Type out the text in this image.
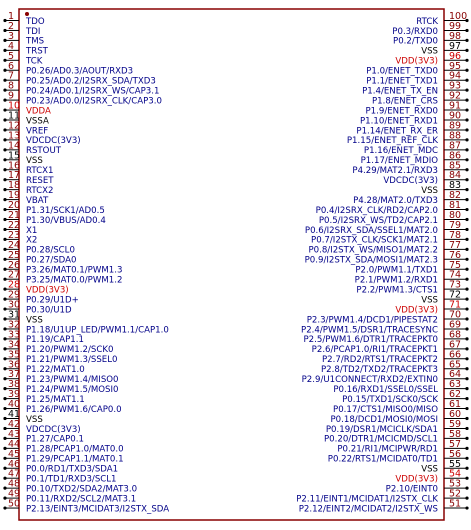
1 TDO
2 TDI
3 TMS
4 TRST
5 TCK
6 P0.26/AD0.3/AOUT/RXD3
7 P0.25/AD0.2/I2SRX_SDA/TXD3
8 P0.24/AD0.1/I2SRX_WS/CAP3.1
9 P0.23/AD0.0/I2SRX_CLK/CAP3.0
10 VDDA
11 VSSA
12 VREF
13 VDCDC(3V3)
14 RSTOUT
15 VSS
16 RTCX1
17 RESET
18 RTCX2
19 VBAT
20 P1.31/SCK1/AD0.5
21 P1.30/VBUS/AD0.4
22 X1
23 X2
24 P0.28/SCL0
25 P0.27/SDA0
26 P3.26/MAT0.1/PWM1.3
27 P3.25/MAT0.0/PWM1.2
28 VDD(3V3)
29 P0.29/U1D+
30 P0.30/U1D
31 VSS
32 P1.18/U1UP_LED/PWM1.1/CAP1.0
33 P1.19/CAP1.1
34 P1.20/PWM1.2/SCK0
35 P1.21/PWM1.3/SSEL0
36 P1.22/MAT1.0
37 P1.23/PWM1.4/MISO0
38 P1.24/PWM1.5/MOSI0
39 P1.25/MAT1.1
40 P1.26/PWM1.6/CAP0.0
41 VSS
42 VDCDC(3V3)
43 P1.27/CAP0.1
44 P1.28/PCAP1.0/MAT0.0
45 P1.29/PCAP1.1/MAT0.1
46 P0.0/RD1/TXD3/SDA1
47 P0.1/TD1/RXD3/SCL1
48 P0.10/TXD2/SDA2/MAT3.0
49 P0.11/RXD2/SCL2/MAT3.1
50 P2.13/EINT3/MCIDAT3/I2STX_SDA
100
RTCK 99
P0.3/RXD0 98
P0.2/TXD0 97
VSS 96
VDD(3V3) 95
P1.0/ENET_TXD0 94
P1.1/ENET_TXD1 93
P1.4/ENET_TX_EN 92
P1.8/ENET_CRS 91
P1.9/ENET_RXD0 90
P1.10/ENET_RXD1 89
P1.14/ENET_RX_ER 88
P1.15/ENET_REF_CLK 87
P1.16/ENET_MDC 86
P1.17/ENET_MDIO 85
P4.29/MAT2.1/RXD3 84
VDCDC(3V3) 83
VSS 82
P4.28/MAT2.0/TXD3 81
P0.4/I2SRX_CLK/RD2/CAP2.0 80
P0.5/I2SRX_WS/TD2/CAP2.1 79
P0.6/I2SRX_SDA/SSEL1/MAT2.0 78
P0.7/I2STX_CLK/SCK1/MAT2.1 77
P0.8/I2STX_WS/MISO1/MAT2.2 76
P0.9/I2STX_SDA/MOSI1/MAT2.3 75
P2.0/PWM1.1/TXD1 74
P2.1/PWM1.2/RXD1 73
P2.2/PWM1.3/CTS1 72
VSS 71
VDD(3V3) 70
P2.3/PWM1.4/DCD1/PIPESTAT2 69
P2.4/PWM1.5/DSR1/TRACESYNC 68
P2.5/PWM1.6/DTR1/TRACEPKT0 67
P2.6/PCAP1.0/RI1/TRACEPKT1 66
P2.7/RD2/RTS1/TRACEPKT2 65
P2.8/TD2/TXD2/TRACEPKT3 64
P2.9/U1CONNECT/RXD2/EXTIN0 63
P0.16/RXD1/SSEL0/SSEL 62
P0.15/TXD1/SCK0/SCK 61
P0.17/CTS1/MISO0/MISO 60
P0.18/DCD1/MOSI0/MOSI 59
P0.19/DSR1/MCICLK/SDA1 58
P0.20/DTR1/MCICMD/SCL1 57
P0.21/RI1/MCIPWR/RD1 56
P0.22/RTS1/MCIDAT0/TD1 55
VSS 54
VDD(3V3) 53
P2.10/EINT0 52
P2.11/EINT1/MCIDAT1/I2STX_CLK 51
P2.12/EINT2/MCIDAT2/I2STX_WS
